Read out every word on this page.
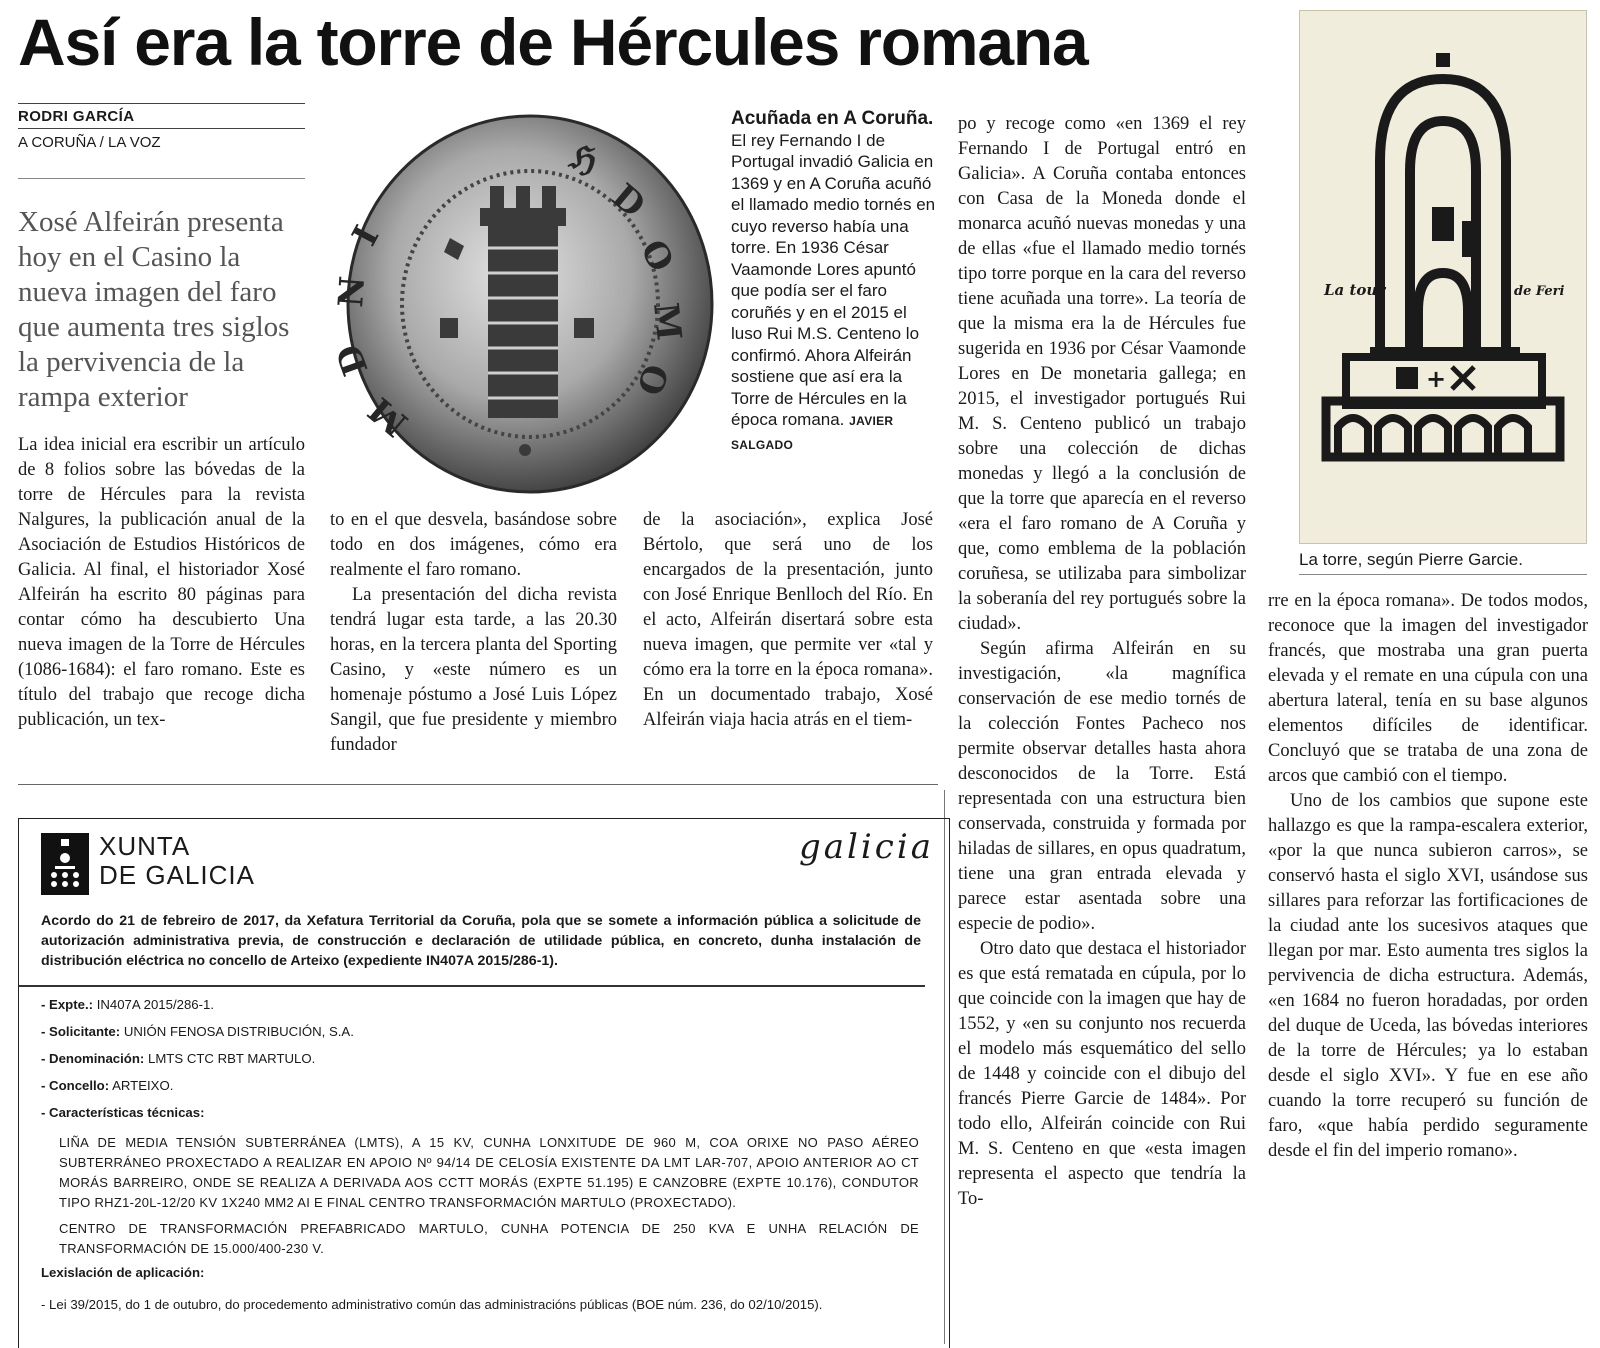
Así era la torre de Hércules romana
RODRI GARCÍA
A CORUÑA / LA VOZ
Xosé Alfeirán presenta hoy en el Casino la nueva imagen del faro que aumenta tres siglos la pervivencia de la rampa exterior
ℌ
D
O
M
O
D
N
I
M
Acuñada en A Coruña. El rey Fernando I de Portugal invadió Galicia en 1369 y en A Coruña acuñó el llamado medio tornés en cuyo reverso había una torre. En 1936 César Vaamonde Lores apuntó que podía ser el faro coruñés y en el 2015 el luso Rui M.S. Centeno lo confirmó. Ahora Alfeirán sostiene que así era la Torre de Hércules en la época romana. JAVIER SALGADO

La idea inicial era escribir un artículo de 8 folios sobre las bóvedas de la torre de Hércules para la revista Nalgures, la publicación anual de la Asociación de Estudios Históricos de Galicia. Al final, el historiador Xosé Alfeirán ha escrito 80 páginas para contar cómo ha descubierto Una nueva imagen de la Torre de Hércules (1086-1684): el faro romano. Este es título del trabajo que recoge dicha publicación, un tex-

to en el que desvela, basándose sobre todo en dos imágenes, cómo era realmente el faro romano.

La presentación del dicha revista tendrá lugar esta tarde, a las 20.30 horas, en la tercera planta del Sporting Casino, y «este número es un homenaje póstumo a José Luis López Sangil, que fue presidente y miembro fundador

de la asociación», explica José Bértolo, que será uno de los encargados de la presentación, junto con José Enrique Benlloch del Río. En el acto, Alfeirán disertará sobre esta nueva imagen, que permite ver «tal y cómo era la torre en la época romana». En un documentado trabajo, Xosé Alfeirán viaja hacia atrás en el tiem-

po y recoge como «en 1369 el rey Fernando I de Portugal entró en Galicia». A Coruña contaba entonces con Casa de la Moneda donde el monarca acuñó nuevas monedas y una de ellas «fue el llamado medio tornés tipo torre porque en la cara del reverso tiene acuñada una torre». La teoría de que la misma era la de Hércules fue sugerida en 1936 por César Vaamonde Lores en De monetaria gallega; en 2015, el investigador portugués Rui M. S. Centeno publicó un trabajo sobre una colección de dichas monedas y llegó a la conclusión de que la torre que aparecía en el reverso «era el faro romano de A Coruña y que, como emblema de la población coruñesa, se utilizaba para simbolizar la soberanía del rey portugués sobre la ciudad».

Según afirma Alfeirán en su investigación, «la magnífica conservación de ese medio tornés de la colección Fontes Pacheco nos permite observar detalles hasta ahora desconocidos de la Torre. Está representada con una estructura bien conservada, construida y formada por hiladas de sillares, en opus quadratum, tiene una gran entrada elevada y parece estar asentada sobre una especie de podio».

Otro dato que destaca el historiador es que está rematada en cúpula, por lo que coincide con la imagen que hay de 1552, y «en su conjunto nos recuerda el modelo más esquemático del sello de 1448 y coincide con el dibujo del francés Pierre Garcie de 1484». Por todo ello, Alfeirán coincide con Rui M. S. Centeno en que «esta imagen representa el aspecto que tendría la To-

+
La tour	de Feri
La torre, según Pierre Garcie.

rre en la época romana». De todos modos, reconoce que la imagen del investigador francés, que mostraba una gran puerta elevada y el remate en una cúpula con una abertura lateral, tenía en su base algunos elementos difíciles de identificar. Concluyó que se trataba de una zona de arcos que cambió con el tiempo.

Uno de los cambios que supone este hallazgo es que la rampa-escalera exterior, «por la que nunca subieron carros», se conservó hasta el siglo XVI, usándose sus sillares para reforzar las fortificaciones de la ciudad ante los sucesivos ataques que llegan por mar. Esto aumenta tres siglos la pervivencia de dicha estructura. Además, «en 1684 no fueron horadadas, por orden del duque de Uceda, las bóvedas interiores de la torre de Hércules; ya lo estaban desde el siglo XVI». Y fue en ese año cuando la torre recuperó su función de faro, «que había perdido seguramente desde el fin del imperio romano».

XUNTA
DE GALICIA
galicia
Acordo do 21 de febreiro de 2017, da Xefatura Territorial da Coruña, pola que se somete a información pública a solicitude de autorización administrativa previa, de construcción e declaración de utilidade pública, en concreto, dunha instalación de distribución eléctrica no concello de Arteixo (expediente IN407A 2015/286-1).
- Expte.: IN407A 2015/286-1.
- Solicitante: UNIÓN FENOSA DISTRIBUCIÓN, S.A.
- Denominación: LMTS CTC RBT MARTULO.
- Concello: ARTEIXO.
- Características técnicas:
LIÑA DE MEDIA TENSIÓN SUBTERRÁNEA (LMTS), A 15 KV, CUNHA LONXITUDE DE 960 M, COA ORIXE NO PASO AÉREO SUBTERRÁNEO PROXECTADO A REALIZAR EN APOIO Nº 94/14 DE CELOSÍA EXISTENTE DA LMT LAR-707, APOIO ANTERIOR AO CT MORÁS BARREIRO, ONDE SE REALIZA A DERIVADA AOS CCTT MORÁS (EXPTE 51.195) E CANZOBRE (EXPTE 10.176), CONDUTOR TIPO RHZ1-20L-12/20 KV 1X240 MM2 AI E FINAL CENTRO TRANSFORMACIÓN MARTULO (PROXECTADO).
CENTRO DE TRANSFORMACIÓN PREFABRICADO MARTULO, CUNHA POTENCIA DE 250 KVA E UNHA RELACIÓN DE TRANSFORMACIÓN DE 15.000/400-230 V.
Lexislación de aplicación:
- Lei 39/2015, do 1 de outubro, do procedemento administrativo común das administracións públicas (BOE núm. 236, do 02/10/2015).
